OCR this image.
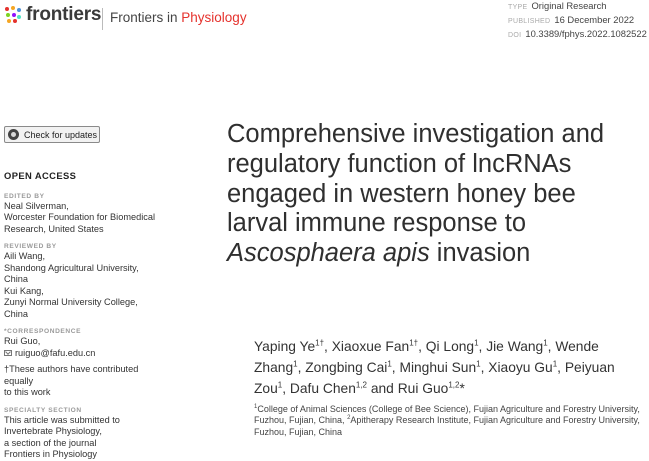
frontiers Frontiers in Physiology
TYPE Original Research
PUBLISHED 16 December 2022
DOI 10.3389/fphys.2022.1082522
Check for updates
OPEN ACCESS
EDITED BY
Neal Silverman,
Worcester Foundation for Biomedical
Research, United States
REVIEWED BY
Aili Wang,
Shandong Agricultural University, China
Kui Kang,
Zunyi Normal University College, China
*CORRESPONDENCE
Rui Guo,
ruiguo@fafu.edu.cn
†These authors have contributed equally
to this work
SPECIALTY SECTION
This article was submitted to
Invertebrate Physiology,
a section of the journal
Frontiers in Physiology
Comprehensive investigation and regulatory function of lncRNAs engaged in western honey bee larval immune response to Ascosphaera apis invasion
Yaping $Ye^{1\dagger}$, Xiaoxue Fan$^{1\dagger}$, Qi Long$^1$, Jie Wang$^1$, Wende Zhang$^1$, Zongbing Cai$^1$, Minghui Sun$^1$, Xiaoyu Gu$^1$, Peiyuan Zou$^1$, Dafu Chen$^{1,2}$ and Rui Guo$^{1,2}$*
$^1$College of Animal Sciences (College of Bee Science), Fujian Agriculture and Forestry University, Fuzhou, Fujian, China, $^2$Apitherapy Research Institute, Fujian Agriculture and Forestry University, Fuzhou, Fujian, China
